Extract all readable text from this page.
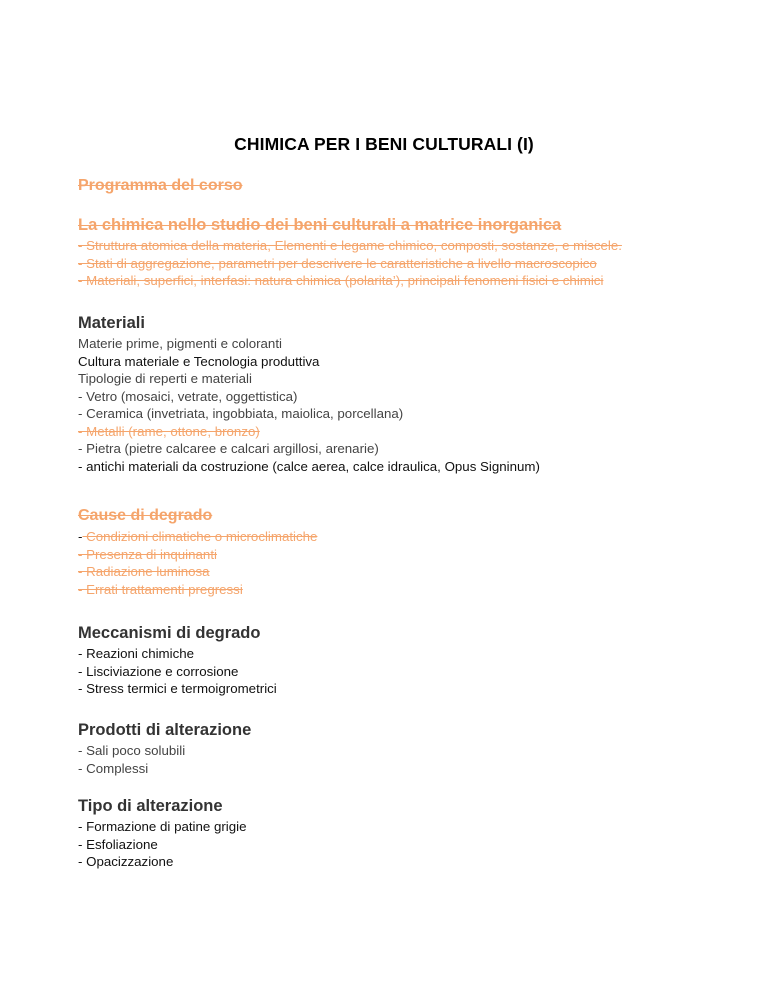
CHIMICA PER I BENI CULTURALI (I)

Programma del corso

La chimica nello studio dei beni culturali a matrice inorganica

- Struttura atomica della materia, Elementi e legame chimico, composti, sostanze, e miscele.
- Stati di aggregazione, parametri per descrivere le caratteristiche a livello macroscopico
- Materiali, superfici, interfasi: natura chimica (polarita’), principali fenomeni fisici e chimici

Materiali

Materie prime, pigmenti e coloranti
Cultura materiale e Tecnologia produttiva
Tipologie di reperti e materiali
- Vetro (mosaici, vetrate, oggettistica)
- Ceramica (invetriata, ingobbiata, maiolica, porcellana)
- Metalli (rame, ottone, bronzo)
- Pietra (pietre calcaree e calcari argillosi, arenarie)
- antichi materiali da costruzione (calce aerea, calce idraulica, Opus Signinum)

Cause di degrado

- Condizioni climatiche o microclimatiche
- Presenza di inquinanti
- Radiazione luminosa
- Errati trattamenti pregressi

Meccanismi di degrado

- Reazioni chimiche
- Lisciviazione e corrosione
- Stress termici e termoigrometrici

Prodotti di alterazione

- Sali poco solubili
- Complessi

Tipo di alterazione

- Formazione di patine grigie
- Esfoliazione
- Opacizzazione
